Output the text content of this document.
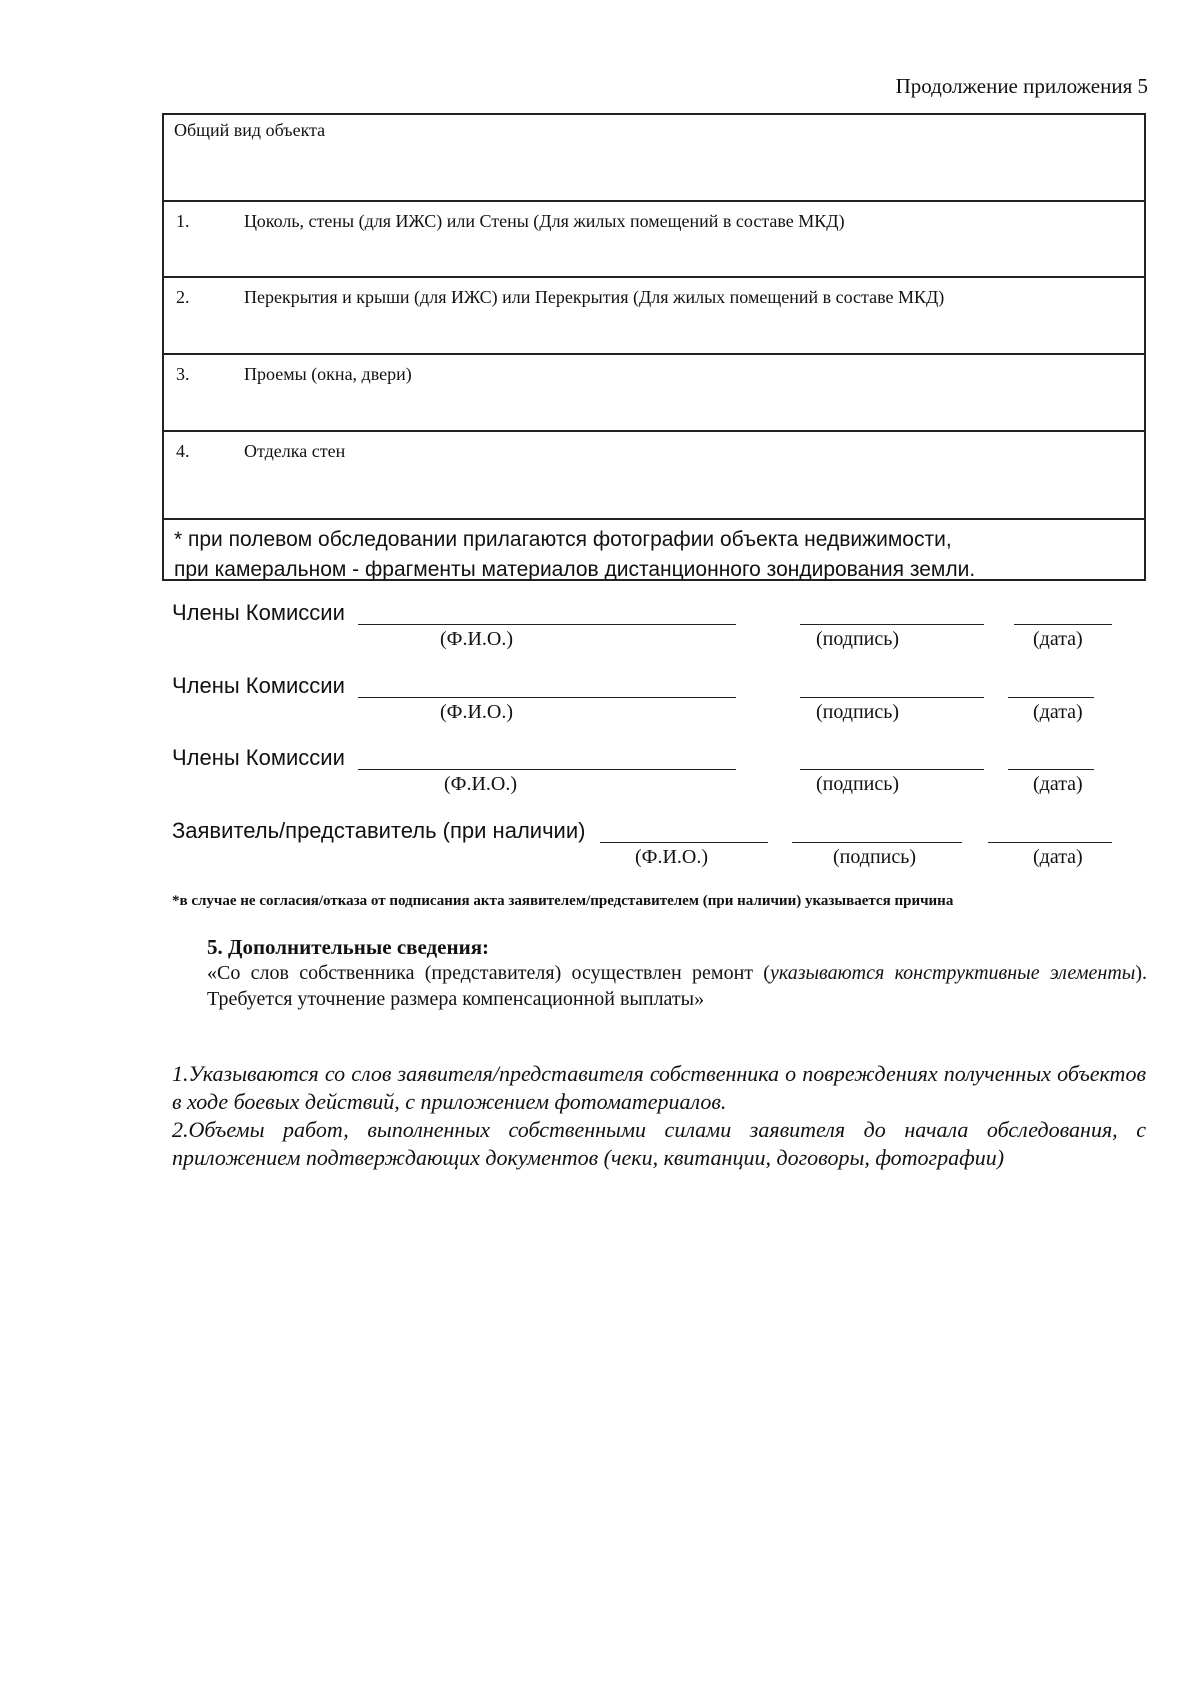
Продолжение приложения 5
Общий вид объекта
1.	Цоколь, стены (для ИЖС) или Стены (Для жилых помещений в составе МКД)
2.	Перекрытия и крыши (для ИЖС) или Перекрытия (Для жилых помещений в составе МКД)
3.	Проемы (окна, двери)
4.	Отделка стен
* при полевом обследовании прилагаются фотографии объекта недвижимости,
при камеральном - фрагменты материалов дистанционного зондирования земли.
Члены Комиссии
(Ф.И.О.)	(подпись)	(дата)
Члены Комиссии
(Ф.И.О.)	(подпись)	(дата)
Члены Комиссии
(Ф.И.О.)	(подпись)	(дата)
Заявитель/представитель (при наличии)
(Ф.И.О.)	(подпись)	(дата)
*в случае не согласия/отказа от подписания акта заявителем/представителем (при наличии) указывается причина
5. Дополнительные сведения:
«Со слов собственника (представителя) осуществлен ремонт (указываются конструктивные элементы). Требуется уточнение размера компенсационной выплаты»
1.Указываются со слов заявителя/представителя собственника о повреждениях полученных объектов в ходе боевых действий, с приложением фотоматериалов.
2.Объемы работ, выполненных собственными силами заявителя до начала обследования, с приложением подтверждающих документов (чеки, квитанции, договоры, фотографии)
